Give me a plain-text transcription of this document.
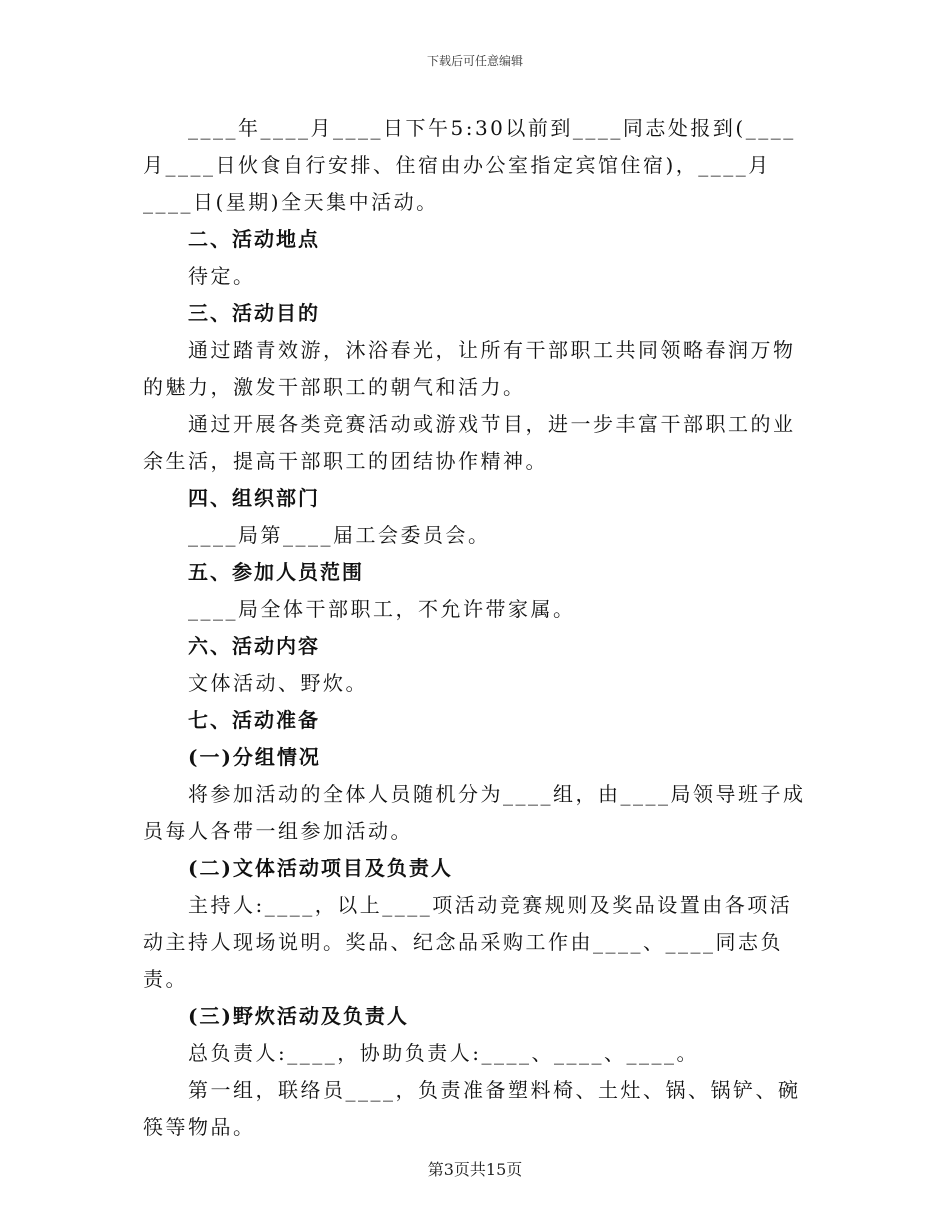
下载后可任意编辑

____年____月____日下午5:30以前到____同志处报到(____月____日伙食自行安排、住宿由办公室指定宾馆住宿)，____月____日(星期)全天集中活动。

二、活动地点

待定。

三、活动目的

通过踏青效游，沐浴春光，让所有干部职工共同领略春润万物的魅力，激发干部职工的朝气和活力。

通过开展各类竞赛活动或游戏节目，进一步丰富干部职工的业余生活，提高干部职工的团结协作精神。

四、组织部门

____局第____届工会委员会。

五、参加人员范围

____局全体干部职工，不允许带家属。

六、活动内容

文体活动、野炊。

七、活动准备

(一)分组情况

将参加活动的全体人员随机分为____组，由____局领导班子成员每人各带一组参加活动。

(二)文体活动项目及负责人

主持人:____，以上____项活动竞赛规则及奖品设置由各项活动主持人现场说明。奖品、纪念品采购工作由____、____同志负责。

(三)野炊活动及负责人

总负责人:____，协助负责人:____、____、____。

第一组，联络员____，负责准备塑料椅、土灶、锅、锅铲、碗筷等物品。

第3页共15页
